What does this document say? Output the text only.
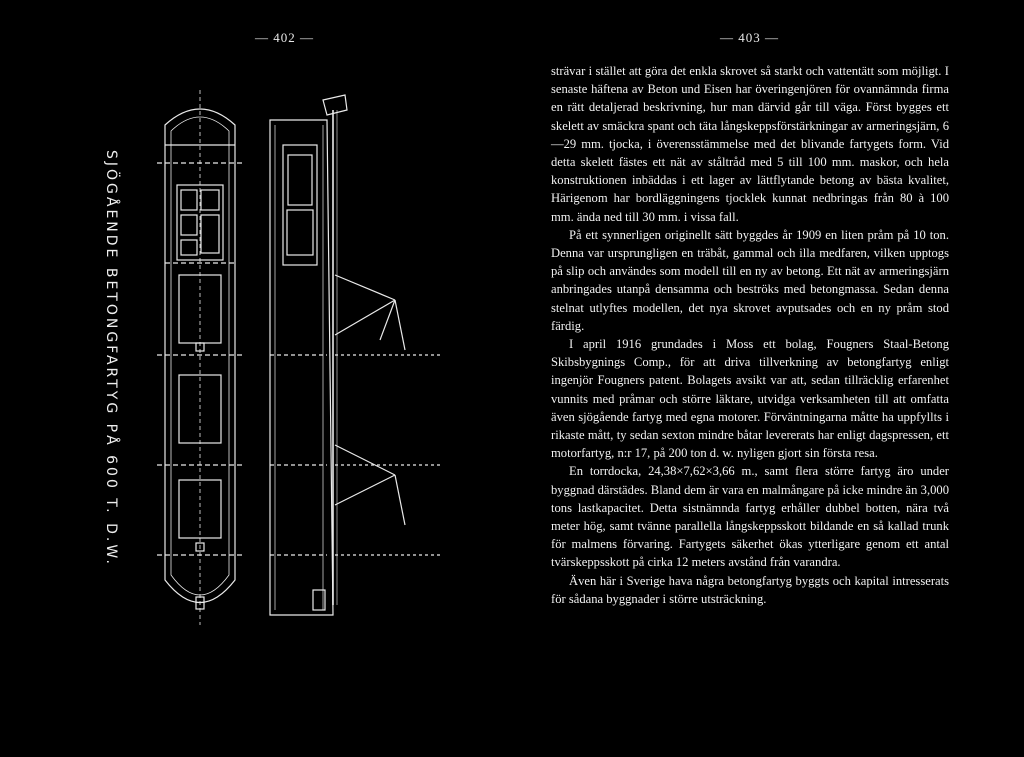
— 402 —	— 403 —
SJÖGÅENDE BETONGFARTYG PÅ 600 T. D.W.

strävar i stället att göra det enkla skrovet så starkt och vattentätt som möjligt. I senaste häftena av Beton und Eisen har överingenjören för ovannämnda firma en rätt detaljerad beskrivning, hur man därvid går till väga. Först bygges ett skelett av smäckra spant och täta långskeppsförstärkningar av armeringsjärn, 6—29 mm. tjocka, i överensstämmelse med det blivande fartygets form. Vid detta skelett fästes ett nät av ståltråd med 5 till 100 mm. maskor, och hela konstruktionen inbäddas i ett lager av lättflytande betong av bästa kvalitet, Härigenom har bordläggningens tjocklek kunnat nedbringas från 80 à 100 mm. ända ned till 30 mm. i vissa fall.

På ett synnerligen originellt sätt byggdes år 1909 en liten pråm på 10 ton. Denna var ursprungligen en träbåt, gammal och illa medfaren, vilken upptogs på slip och användes som modell till en ny av betong. Ett nät av armeringsjärn anbringades utanpå densamma och beströks med betongmassa. Sedan denna stelnat utlyftes modellen, det nya skrovet avputsades och en ny pråm stod färdig.

I april 1916 grundades i Moss ett bolag, Fougners Staal-Betong Skibsbygnings Comp., för att driva tillverkning av betongfartyg enligt ingenjör Fougners patent. Bolagets avsikt var att, sedan tillräcklig erfarenhet vunnits med pråmar och större läktare, utvidga verksamheten till att omfatta även sjögående fartyg med egna motorer. Förväntningarna måtte ha uppfyllts i rikaste mått, ty sedan sexton mindre båtar levererats har enligt dagspressen, ett motorfartyg, n:r 17, på 200 ton d. w. nyligen gjort sin första resa.

En torrdocka, 24,38×7,62×3,66 m., samt flera större fartyg äro under byggnad därstädes. Bland dem är vara en malmångare på icke mindre än 3,000 tons lastkapacitet. Detta sistnämnda fartyg erhåller dubbel botten, nära två meter hög, samt tvänne parallella långskeppsskott bildande en så kallad trunk för malmens förvaring. Fartygets säkerhet ökas ytterligare genom ett antal tvärskeppsskott på cirka 12 meters avstånd från varandra.

Även här i Sverige hava några betongfartyg byggts och kapital intresserats för sådana byggnader i större utsträckning.
